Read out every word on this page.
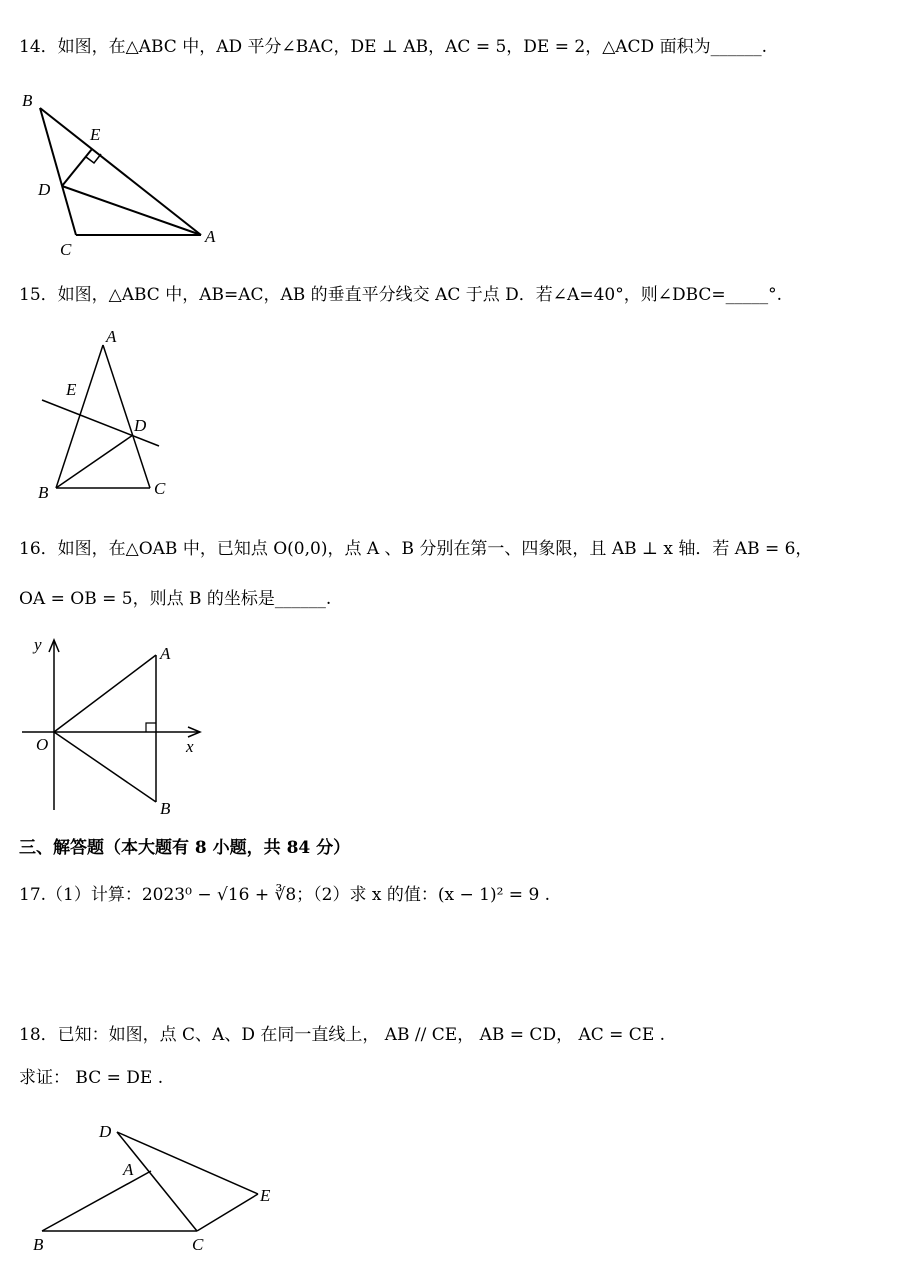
14．如图，在△ABC 中，AD 平分∠BAC，DE ⊥ AB，AC = 5，DE = 2，△ACD 面积为______.
B
E
D
C
A
15．如图，△ABC 中，AB=AC，AB 的垂直平分线交 AC 于点 D．若∠A=40°，则∠DBC=_____°.
A
E
D
B	C
16．如图，在△OAB 中，已知点 O(0,0)，点 A 、B 分别在第一、四象限，且 AB ⊥ x 轴．若 AB = 6，
OA = OB = 5，则点 B 的坐标是______.
y	A
O	x
B
三、解答题（本大题有 8 小题，共 84 分）
17.（1）计算：2023⁰ − √16 + ∛8；（2）求 x 的值：(x − 1)² = 9 .
18．已知：如图，点 C、A、D 在同一直线上， AB // CE， AB = CD， AC = CE .
求证： BC = DE .
D
A
E
B	C
